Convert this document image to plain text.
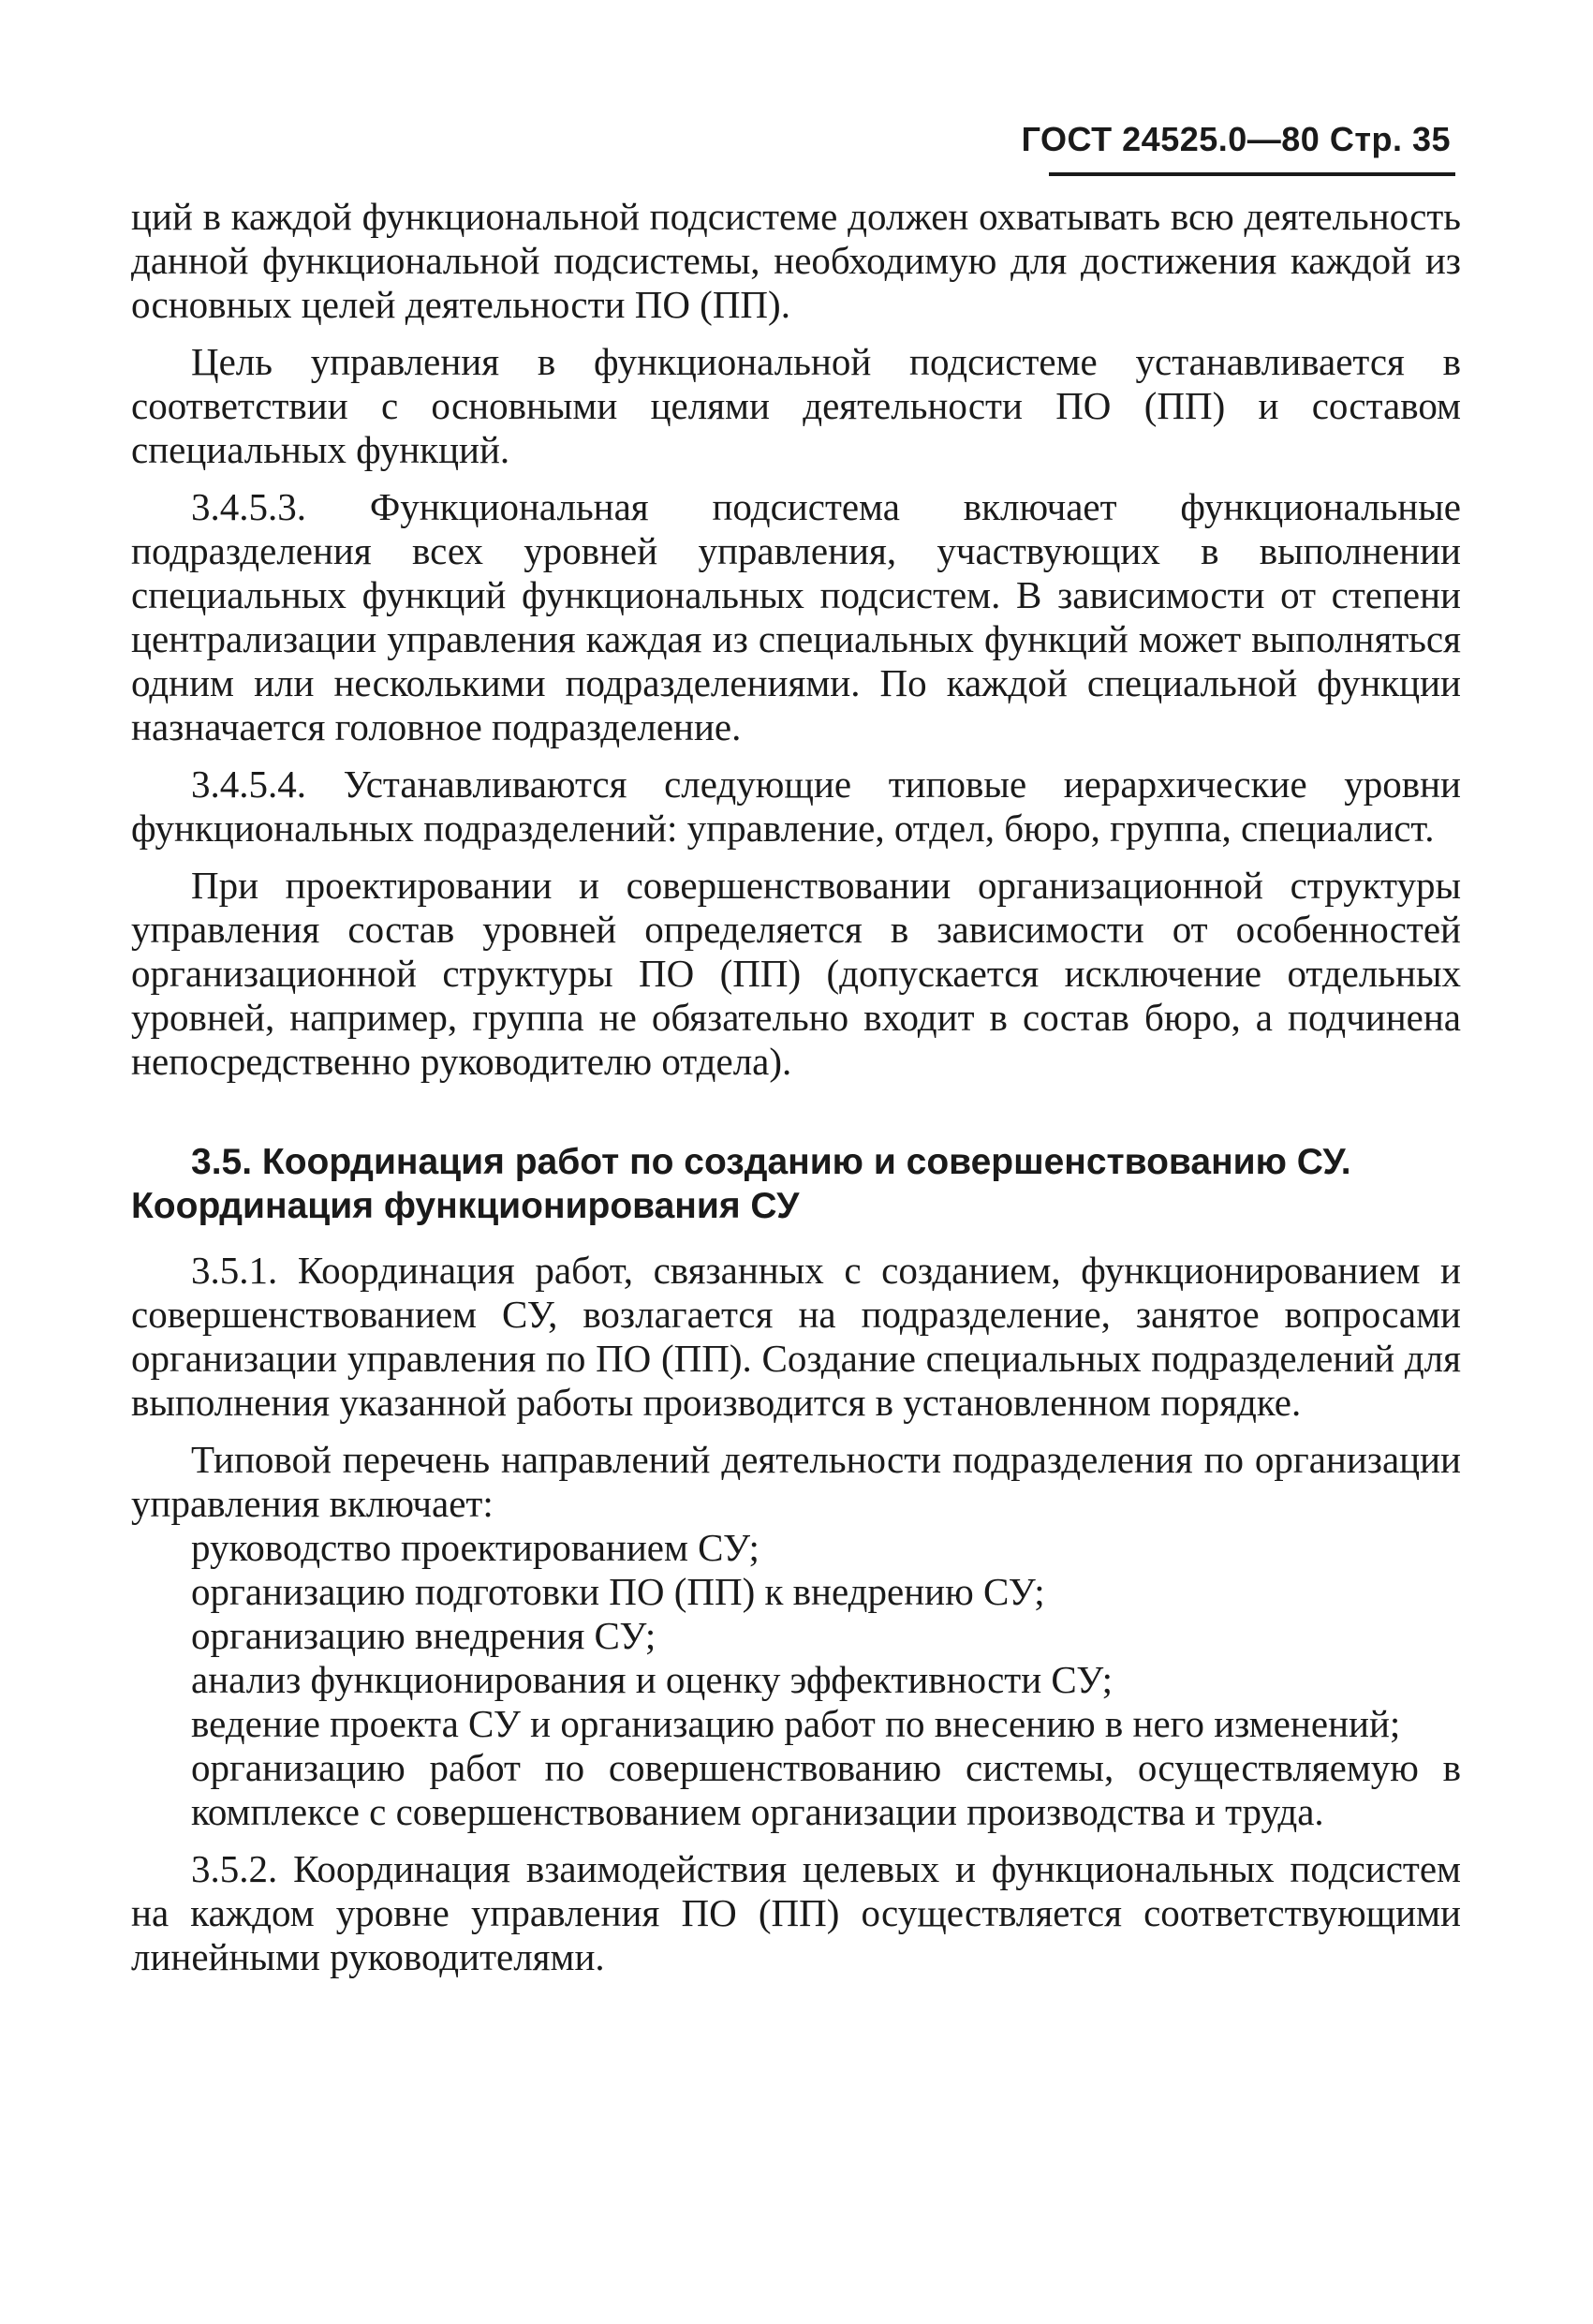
ГОСТ 24525.0—80 Стр. 35

ций в каждой функциональной подсистеме должен охватывать всю деятельность данной функциональной подсистемы, необходимую для достижения каждой из основных целей деятельности ПО (ПП).

Цель управления в функциональной подсистеме устанавливается в соответствии с основными целями деятельности ПО (ПП) и составом специальных функций.

3.4.5.3. Функциональная подсистема включает функциональные подразделения всех уровней управления, участвующих в выполнении специальных функций функциональных подсистем. В зависимости от степени централизации управления каждая из специальных функций может выполняться одним или несколькими подразделениями. По каждой специальной функции назначается головное подразделение.

3.4.5.4. Устанавливаются следующие типовые иерархические уровни функциональных подразделений: управление, отдел, бюро, группа, специалист.

При проектировании и совершенствовании организационной структуры управления состав уровней определяется в зависимости от особенностей организационной структуры ПО (ПП) (допускается исключение отдельных уровней, например, группа не обязательно входит в состав бюро, а подчинена непосредственно руководителю отдела).

3.5. Координация работ по созданию и совершенствованию СУ. Координация функционирования СУ

3.5.1. Координация работ, связанных с созданием, функционированием и совершенствованием СУ, возлагается на подразделение, занятое вопросами организации управления по ПО (ПП). Создание специальных подразделений для выполнения указанной работы производится в установленном порядке.

Типовой перечень направлений деятельности подразделения по организации управления включает:

руководство проектированием СУ;
организацию подготовки ПО (ПП) к внедрению СУ;
организацию внедрения СУ;
анализ функционирования и оценку эффективности СУ;
ведение проекта СУ и организацию работ по внесению в него изменений;
организацию работ по совершенствованию системы, осуществляемую в комплексе с совершенствованием организации производства и труда.

3.5.2. Координация взаимодействия целевых и функциональных подсистем на каждом уровне управления ПО (ПП) осуществляется соответствующими линейными руководителями.
